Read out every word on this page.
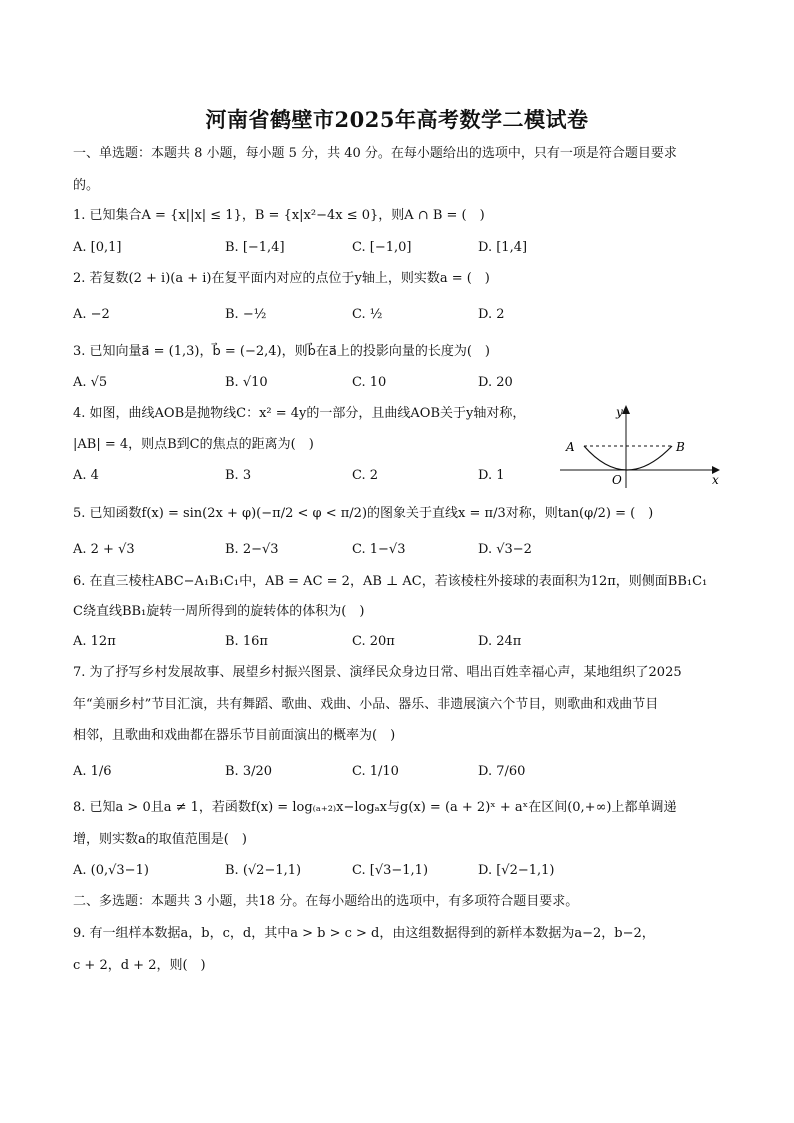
河南省鹤壁市2025年高考数学二模试卷
一、单选题：本题共 8 小题，每小题 5 分，共 40 分。在每小题给出的选项中，只有一项是符合题目要求
的。
1. 已知集合A = {x||x| ≤ 1}，B = {x|x²−4x ≤ 0}，则A ∩ B = (　)
A. [0,1]	B. [−1,4]	C. [−1,0]	D. [1,4]
2. 若复数(2 + i)(a + i)在复平面内对应的点位于y轴上，则实数a = (　)
A. −2	B. −½	C. ½	D. 2
3. 已知向量a⃗ = (1,3)，b⃗ = (−2,4)，则b⃗在a⃗上的投影向量的长度为(　)
A. √5	B. √10	C. 10	D. 20
4. 如图，曲线AOB是抛物线C：x² = 4y的一部分，且曲线AOB关于y轴对称，
|AB| = 4，则点B到C的焦点的距离为(　)
A. 4	B. 3	C. 2	D. 1
y
x
A	B
O
5. 已知函数f(x) = sin(2x + φ)(−π/2 < φ < π/2)的图象关于直线x = π/3对称，则tan(φ/2) = (　)
A. 2 + √3	B. 2−√3	C. 1−√3	D. √3−2
6. 在直三棱柱ABC−A₁B₁C₁中，AB = AC = 2，AB ⊥ AC，若该棱柱外接球的表面积为12π，则侧面BB₁C₁
C绕直线BB₁旋转一周所得到的旋转体的体积为(　)
A. 12π	B. 16π	C. 20π	D. 24π
7. 为了抒写乡村发展故事、展望乡村振兴图景、演绎民众身边日常、唱出百姓幸福心声，某地组织了2025
年“美丽乡村”节目汇演，共有舞蹈、歌曲、戏曲、小品、器乐、非遗展演六个节目，则歌曲和戏曲节目
相邻，且歌曲和戏曲都在器乐节目前面演出的概率为(　)
A. 1/6	B. 3/20	C. 1/10	D. 7/60
8. 已知a > 0且a ≠ 1，若函数f(x) = log₍ₐ₊₂₎x−logₐx与g(x) = (a + 2)ˣ + aˣ在区间(0,+∞)上都单调递
增，则实数a的取值范围是(　)
A. (0,√3−1)	B. (√2−1,1)	C. [√3−1,1)	D. [√2−1,1)
二、多选题：本题共 3 小题，共18 分。在每小题给出的选项中，有多项符合题目要求。
9. 有一组样本数据a，b，c，d，其中a > b > c > d，由这组数据得到的新样本数据为a−2，b−2，
c + 2，d + 2，则(　)
